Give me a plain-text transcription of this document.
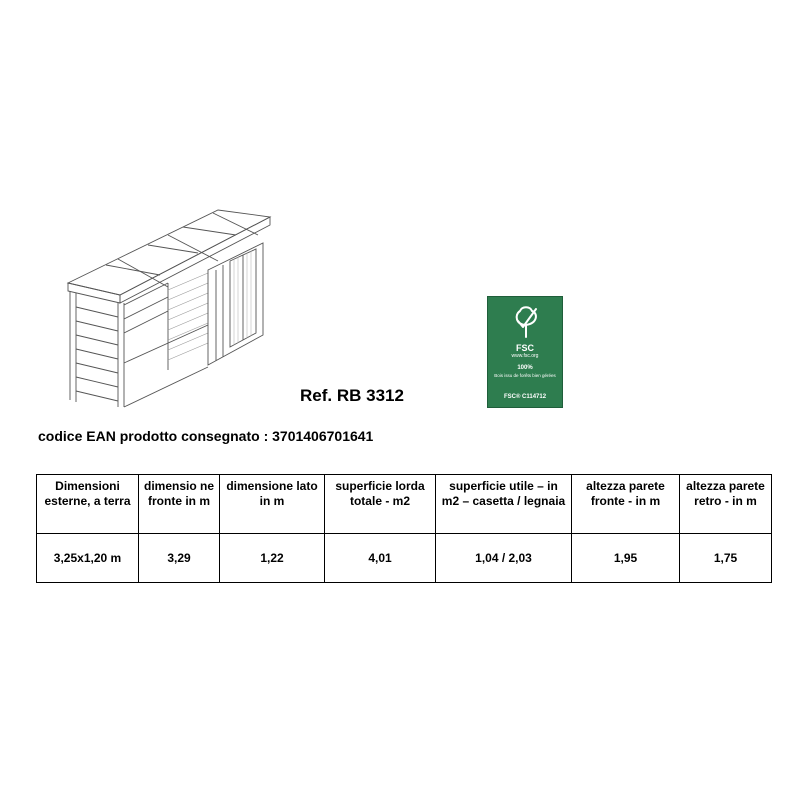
FSC
www.fsc.org
100%
Bois issu de forêts bien gérées
FSC® C114712
Ref. RB 3312
codice EAN prodotto consegnato : 3701406701641
Dimensioni esterne, a terra	dimensio ne fronte in m	dimensione lato in m	superficie lorda totale - m2	superficie utile – in m2 – casetta / legnaia	altezza parete fronte - in m	altezza parete retro - in m
3,25x1,20 m	3,29	1,22	4,01	1,04 / 2,03	1,95	1,75
